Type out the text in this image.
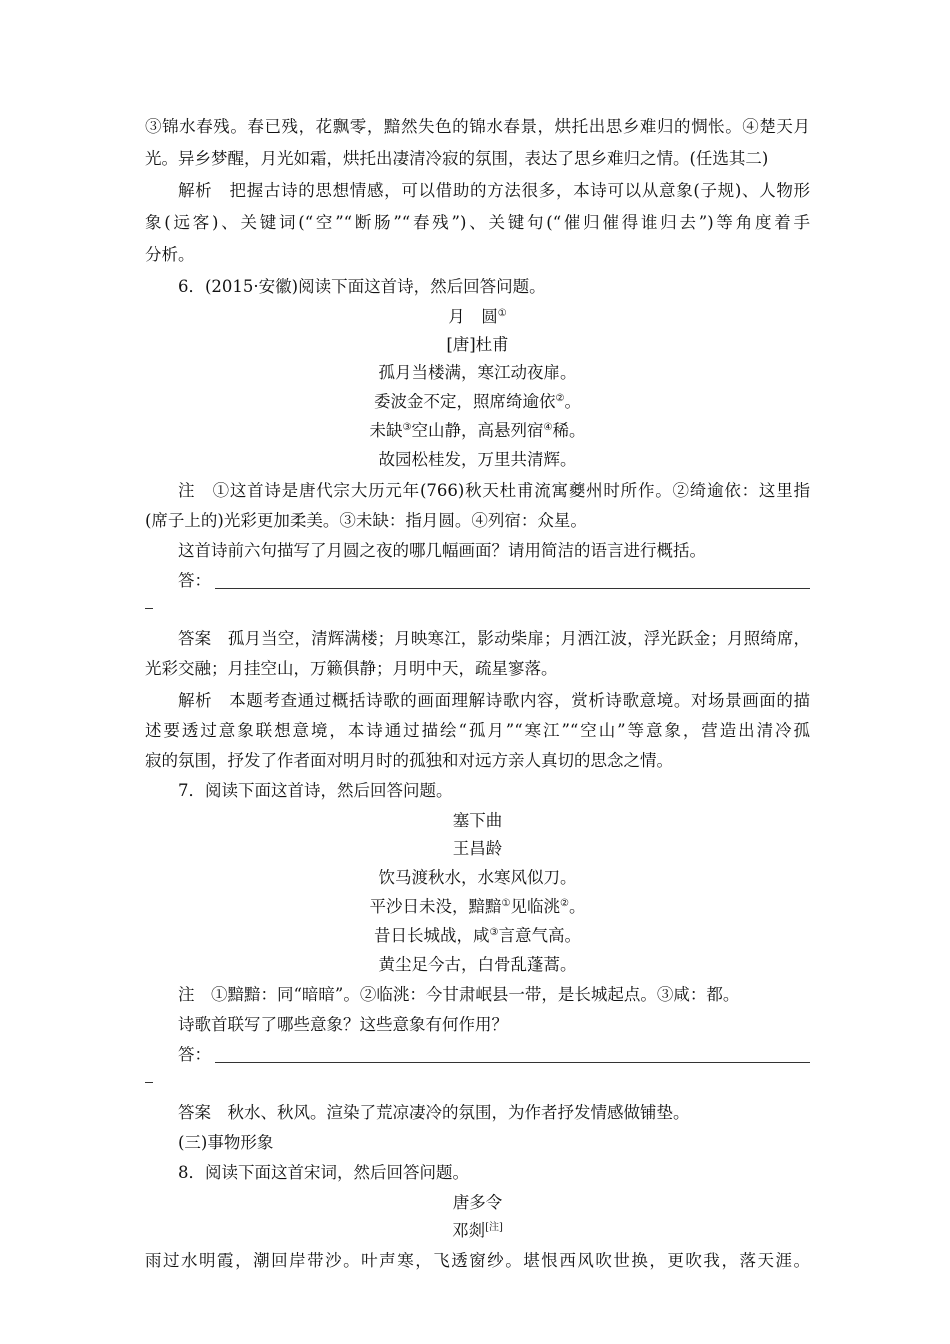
③锦水春残。春已残，花飘零，黯然失色的锦水春景，烘托出思乡难归的惆怅。④楚天月
光。异乡梦醒，月光如霜，烘托出凄清冷寂的氛围，表达了思乡难归之情。(任选其二)
解析　把握古诗的思想情感，可以借助的方法很多，本诗可以从意象(子规)、人物形
象(远客)、关键词(“空”“断肠”“春残”)、关键句(“催归催得谁归去”)等角度着手
分析。
6．(2015·安徽)阅读下面这首诗，然后回答问题。
月　圆①
[唐]杜甫
孤月当楼满，寒江动夜扉。
委波金不定，照席绮逾依②。
未缺③空山静，高悬列宿④稀。
故园松桂发，万里共清辉。
注　①这首诗是唐代宗大历元年(766)秋天杜甫流寓夔州时所作。②绮逾依：这里指
(席子上的)光彩更加柔美。③未缺：指月圆。④列宿：众星。
这首诗前六句描写了月圆之夜的哪几幅画面？请用简洁的语言进行概括。
答：
答案　孤月当空，清辉满楼；月映寒江，影动柴扉；月洒江波，浮光跃金；月照绮席，
光彩交融；月挂空山，万籁俱静；月明中天，疏星寥落。
解析　本题考查通过概括诗歌的画面理解诗歌内容，赏析诗歌意境。对场景画面的描
述要透过意象联想意境，本诗通过描绘“孤月”“寒江”“空山”等意象，营造出清冷孤
寂的氛围，抒发了作者面对明月时的孤独和对远方亲人真切的思念之情。
7．阅读下面这首诗，然后回答问题。
塞下曲
王昌龄
饮马渡秋水，水寒风似刀。
平沙日未没，黯黯①见临洮②。
昔日长城战，咸③言意气高。
黄尘足今古，白骨乱蓬蒿。
注　①黯黯：同“暗暗”。②临洮：今甘肃岷县一带，是长城起点。③咸：都。
诗歌首联写了哪些意象？这些意象有何作用？
答：
答案　秋水、秋风。渲染了荒凉凄冷的氛围，为作者抒发情感做铺垫。
(三)事物形象
8．阅读下面这首宋词，然后回答问题。
唐多令
邓剡[注]
雨过水明霞，潮回岸带沙。叶声寒，飞透窗纱。堪恨西风吹世换，更吹我，落天涯。
